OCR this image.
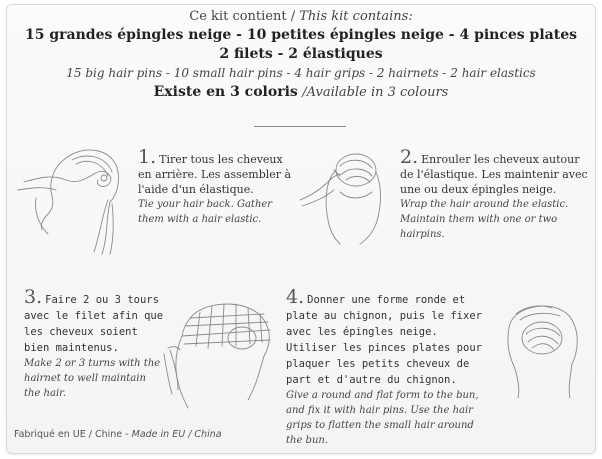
Ce kit contient / This kit contains:
15 grandes épingles neige - 10 petites épingles neige - 4 pinces plates
2 filets - 2 élastiques
15 big hair pins - 10 small hair pins - 4 hair grips - 2 hairnets - 2 hair elastics
Existe en 3 coloris /Available in 3 colours
1. Tirer tous les cheveux en arrière. Les assembler à l'aide d'un élastique.
Tie your hair back. Gather them with a hair elastic.
2. Enrouler les cheveux autour de l'élastique. Les maintenir avec une ou deux épingles neige.
Wrap the hair around the elastic. Maintain them with one or two hairpins.
3. Faire 2 ou 3 tours avec le filet afin que les cheveux soient bien maintenus.
Make 2 or 3 turns with the hairnet to well maintain the hair.
4. Donner une forme ronde et plate au chignon, puis le fixer avec les épingles neige. Utiliser les pinces plates pour plaquer les petits cheveux de part et d'autre du chignon.
Give a round and flat form to the bun, and fix it with hair pins. Use the hair grips to flatten the small hair around the bun.
Fabriqué en UE / Chine - Made in EU / China
